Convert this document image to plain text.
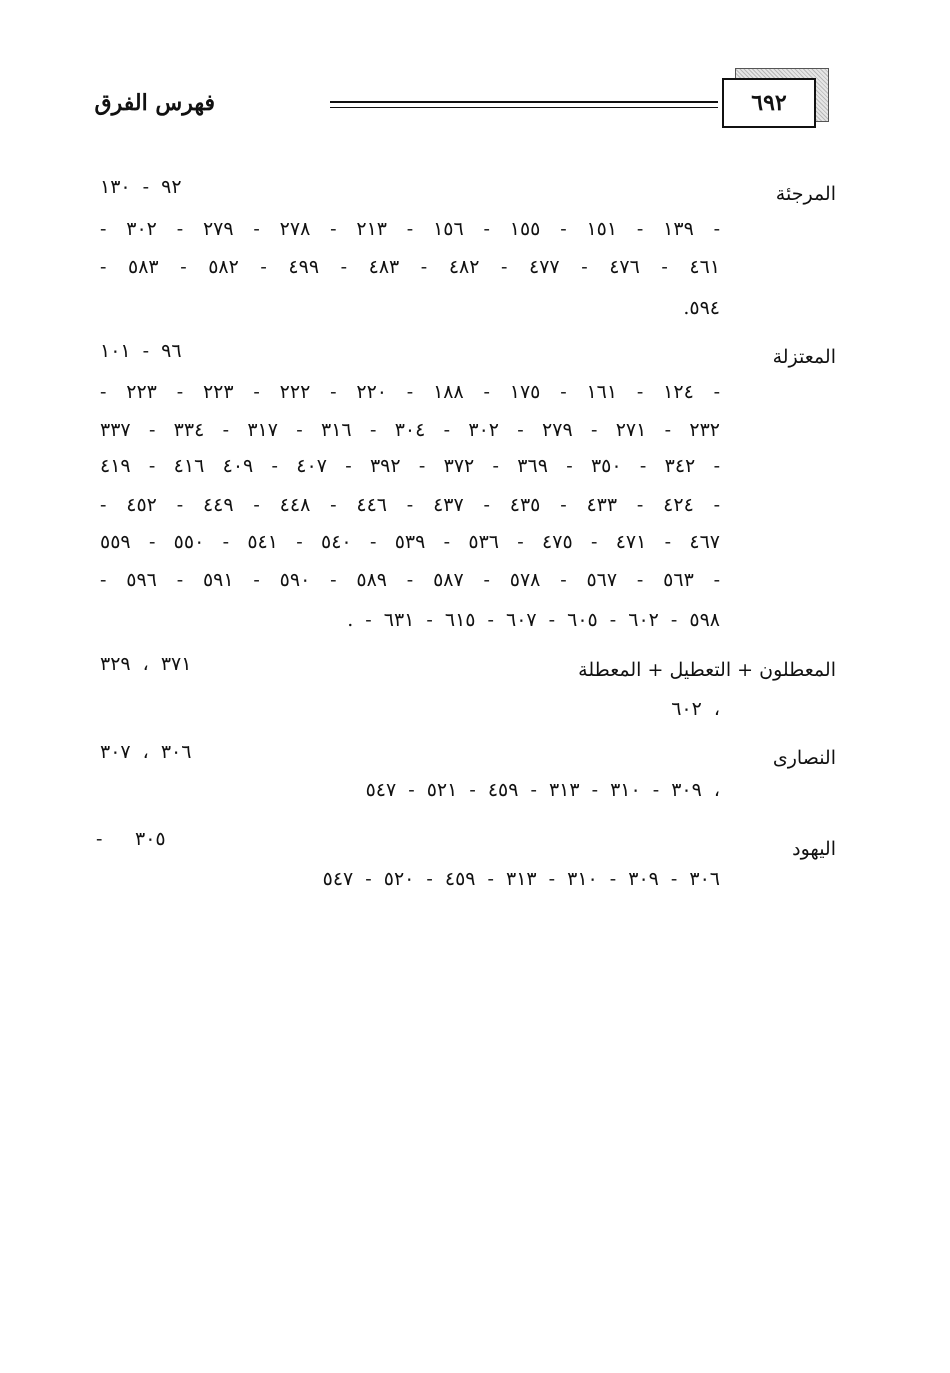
فهرس الفرق	٦٩٢
المرجئة
٩٢ - ١٣٠
- ١٣٩ - ١٥١ - ١٥٥ - ١٥٦ - ٢١٣ - ٢٧٨ - ٢٧٩ - ٣٠٢ -
٤٦١ - ٤٧٦ - ٤٧٧ - ٤٨٢ - ٤٨٣ - ٤٩٩ - ٥٨٢ - ٥٨٣ -
٥٩٤.
المعتزلة
٩٦ - ١٠١
- ١٢٤ - ١٦١ - ١٧٥ - ١٨٨ - ٢٢٠ - ٢٢٢ - ٢٢٣ - ٢٢٣ -
٢٣٢ - ٢٧١ - ٢٧٩ - ٣٠٢ - ٣٠٤ - ٣١٦ - ٣١٧ - ٣٣٤ - ٣٣٧
- ٣٤٢ - ٣٥٠ - ٣٦٩ - ٣٧٢ - ٣٩٢ - ٤٠٧ - ٤٠٩ ٤١٦ - ٤١٩
- ٤٢٤ - ٤٣٣ - ٤٣٥ - ٤٣٧ - ٤٤٦ - ٤٤٨ - ٤٤٩ - ٤٥٢ -
٤٦٧ - ٤٧١ - ٤٧٥ - ٥٣٦ - ٥٣٩ - ٥٤٠ - ٥٤١ - ٥٥٠ - ٥٥٩
- ٥٦٣ - ٥٦٧ - ٥٧٨ - ٥٨٧ - ٥٨٩ - ٥٩٠ - ٥٩١ - ٥٩٦ -
٥٩٨ - ٦٠٢ - ٦٠٥ - ٦٠٧ - ٦١٥ - ٦٣١ - .
المعطلون + التعطيل + المعطلة
٣٧١ ، ٣٢٩
، ٦٠٢
النصارى
٣٠٦ ، ٣٠٧
، ٣٠٩ - ٣١٠ - ٣١٣ - ٤٥٩ - ٥٢١ - ٥٤٧
اليهود
-	٣٠٥
٣٠٦ - ٣٠٩ - ٣١٠ - ٣١٣ - ٤٥٩ - ٥٢٠ - ٥٤٧
